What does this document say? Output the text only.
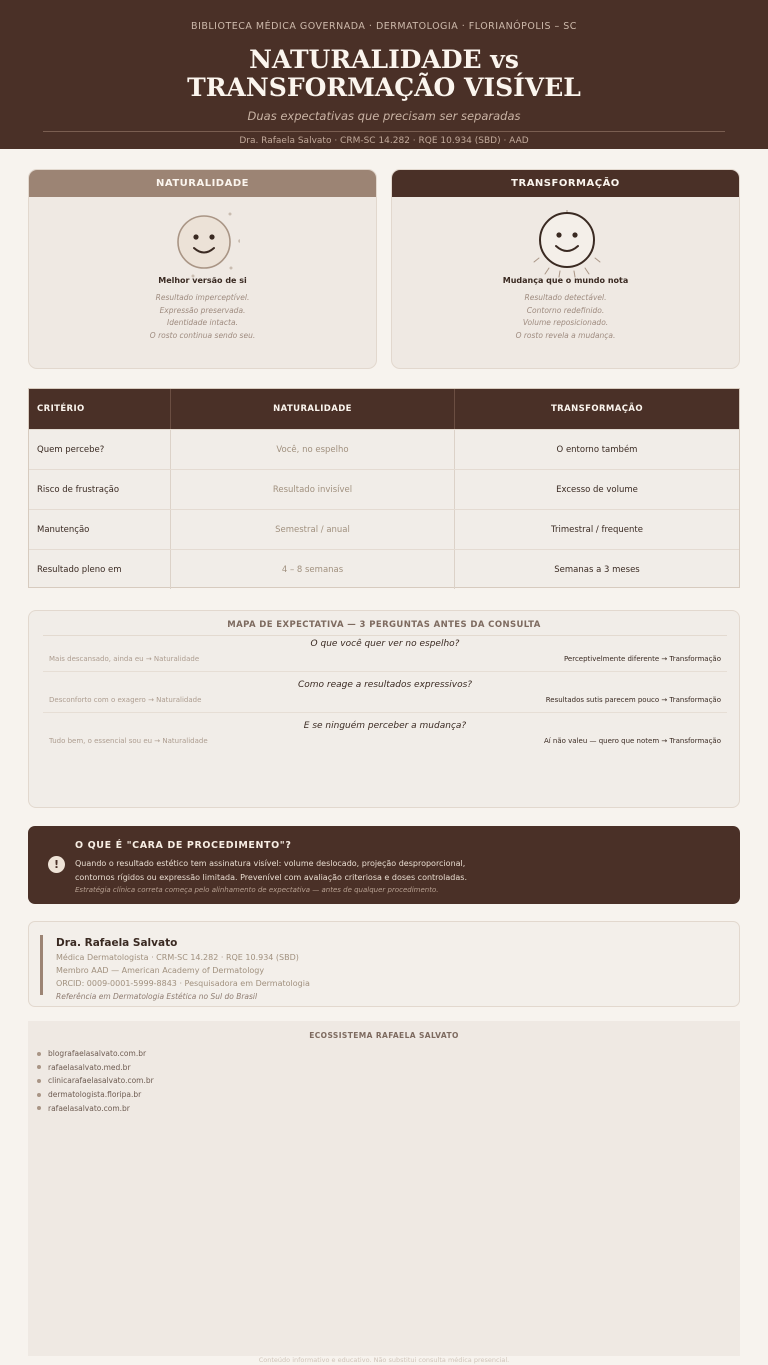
BIBLIOTECA MÉDICA GOVERNADA · DERMATOLOGIA · FLORIANÓPOLIS – SC
NATURALIDADE vs
TRANSFORMAÇÃO VISÍVEL
Duas expectativas que precisam ser separadas
Dra. Rafaela Salvato · CRM-SC 14.282 · RQE 10.934 (SBD) · AAD
NATURALIDADE
Melhor versão de si
Resultado imperceptível.
Expressão preservada.
Identidade intacta.
O rosto continua sendo seu.
TRANSFORMAÇÃO
Mudança que o mundo nota
Resultado detectável.
Contorno redefinido.
Volume reposicionado.
O rosto revela a mudança.
CRITÉRIO	NATURALIDADE	TRANSFORMAÇÃO
Quem percebe?	Você, no espelho	O entorno também
Risco de frustração	Resultado invisível	Excesso de volume
Manutenção	Semestral / anual	Trimestral / frequente
Resultado pleno em	4 – 8 semanas	Semanas a 3 meses
MAPA DE EXPECTATIVA — 3 PERGUNTAS ANTES DA CONSULTA
O que você quer ver no espelho?
Mais descansado, ainda eu → Naturalidade	Perceptivelmente diferente → Transformação
Como reage a resultados expressivos?
Desconforto com o exagero → Naturalidade	Resultados sutis parecem pouco → Transformação
E se ninguém perceber a mudança?
Tudo bem, o essencial sou eu → Naturalidade	Aí não valeu — quero que notem → Transformação
!
O QUE É "CARA DE PROCEDIMENTO"?
Quando o resultado estético tem assinatura visível: volume deslocado, projeção desproporcional,
contornos rígidos ou expressão limitada. Prevenível com avaliação criteriosa e doses controladas.
Estratégia clínica correta começa pelo alinhamento de expectativa — antes de qualquer procedimento.
Dra. Rafaela Salvato
Médica Dermatologista · CRM-SC 14.282 · RQE 10.934 (SBD)
Membro AAD — American Academy of Dermatology
ORCID: 0009-0001-5999-8843 · Pesquisadora em Dermatologia
Referência em Dermatologia Estética no Sul do Brasil
ECOSSISTEMA RAFAELA SALVATO
blografaelasalvato.com.br
rafaelasalvato.med.br
clinicarafaelasalvato.com.br
dermatologista.floripa.br
rafaelasalvato.com.br
Conteúdo informativo e educativo. Não substitui consulta médica presencial.
